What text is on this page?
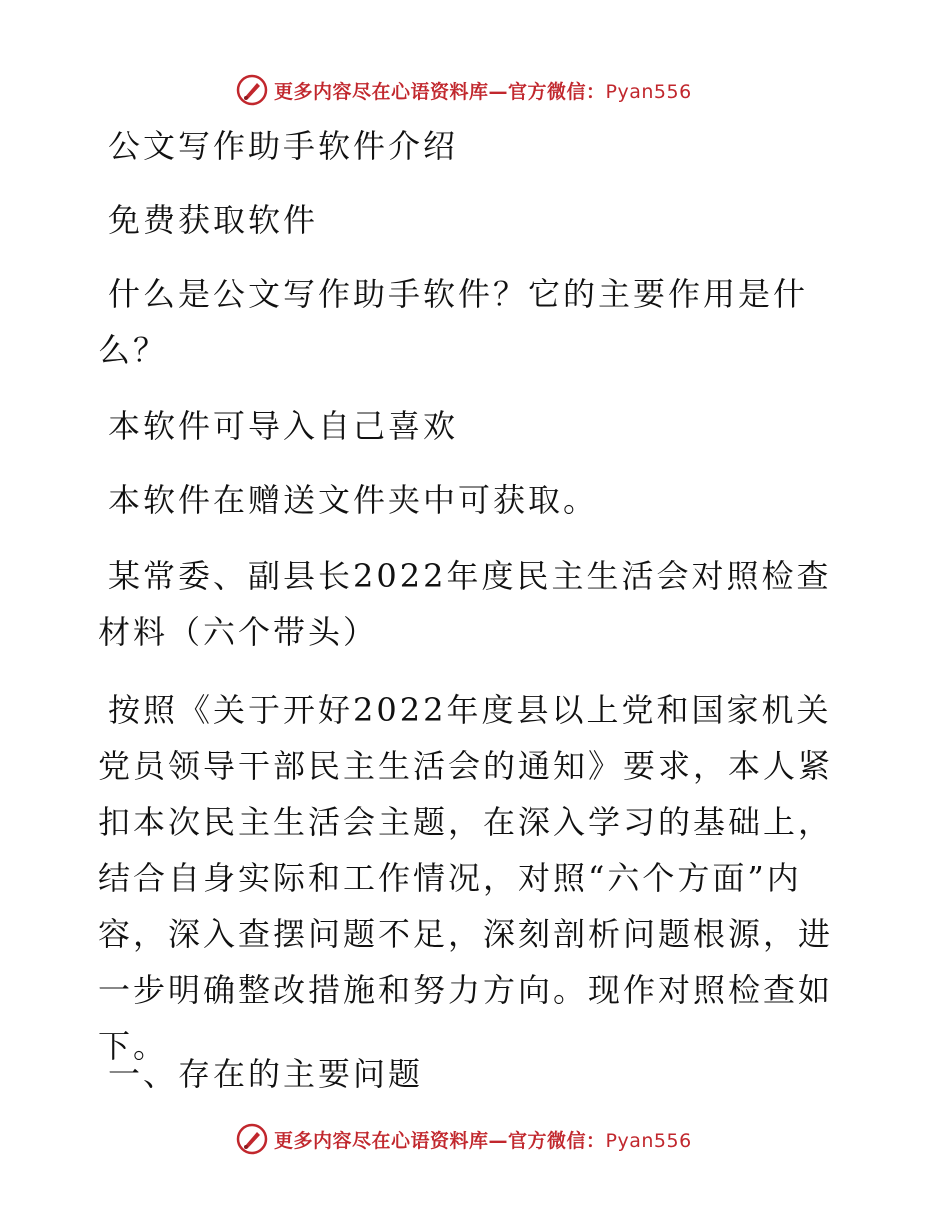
更多内容尽在心语资料库—官方微信：Pyan556

公文写作助手软件介绍

免费获取软件

什么是公文写作助手软件？它的主要作用是什么？

本软件可导入自己喜欢

本软件在赠送文件夹中可获取。

某常委、副县长2022年度民主生活会对照检查材料（六个带头）

按照《关于开好2022年度县以上党和国家机关党员领导干部民主生活会的通知》要求，本人紧扣本次民主生活会主题，在深入学习的基础上，结合自身实际和工作情况，对照“六个方面”内容，深入查摆问题不足，深刻剖析问题根源，进一步明确整改措施和努力方向。现作对照检查如下。

一、存在的主要问题

更多内容尽在心语资料库—官方微信：Pyan556
